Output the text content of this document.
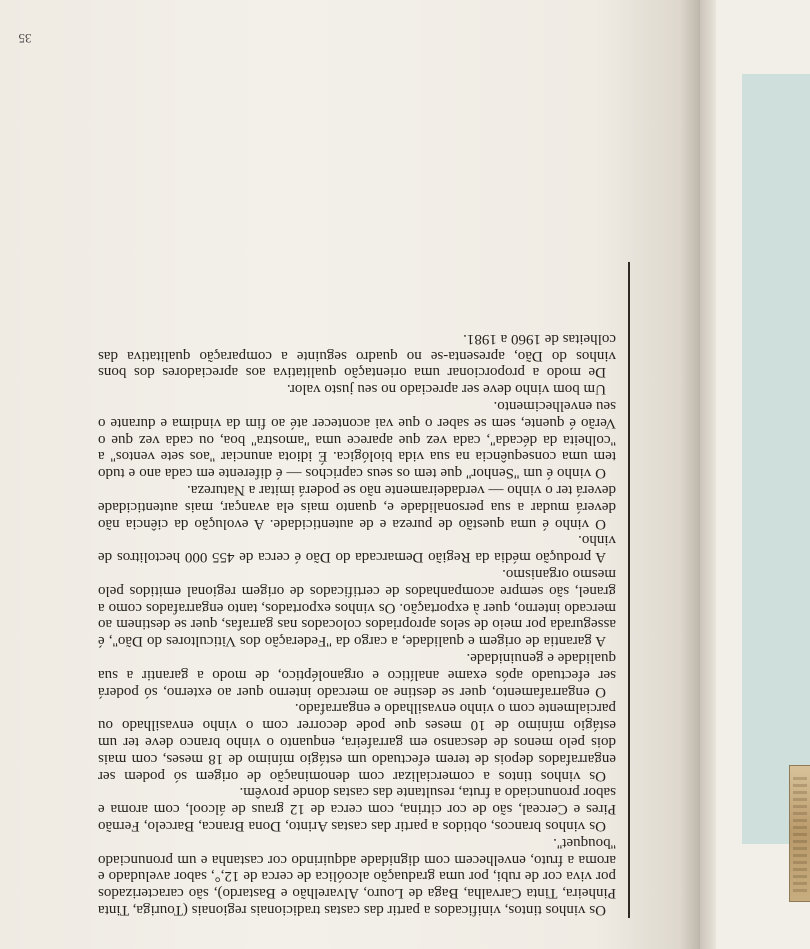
35

Os vinhos tintos, vinificados a partir das castas tradicionais regionais (Touriga, Tinta Pinheira, Tinta Carvalha, Baga de Louro, Alvarelhão e Bastardo), são caracterizados por viva cor de rubi, por uma graduação alcoólica de cerca de 12,°, sabor aveludado e aroma a fruto, envelhecem com dignidade adquirindo cor castanha e um pronunciado ''bouquet''.

Os vinhos brancos, obtidos a partir das castas Arinto, Dona Branca, Barcelo, Fernão Pires e Cerceal, são de cor citrina, com cerca de 12 graus de álcool, com aroma e sabor pronunciado a fruta, resultante das castas donde provêm.

Os vinhos tintos a comercializar com denominação de origem só podem ser engarrafados depois de terem efectuado um estágio mínimo de 18 meses, com mais dois pelo menos de descanso em garrafeira, enquanto o vinho branco deve ter um estágio mínimo de 10 meses que pode decorrer com o vinho envasilhado ou parcialmente com o vinho envasilhado e engarrafado.

O engarrafamento, quer se destine ao mercado interno quer ao externo, só poderá ser efectuado após exame analítico e organoléptico, de modo a garantir a sua qualidade e genuinidade.

A garantia de origem e qualidade, a cargo da ''Federação dos Viticultores do Dão'', é assegurada por meio de selos apropriados colocados nas garrafas, quer se destinem ao mercado interno, quer à exportação. Os vinhos exportados, tanto engarrafados como a granel, são sempre acompanhados de certificados de origem regional emitidos pelo mesmo organismo.

A produção média da Região Demarcada do Dão é cerca de 455 000 hectolitros de vinho.

O vinho é uma questão de pureza e de autenticidade. A evolução da ciência não deverá mudar a sua personalidade e, quanto mais ela avançar, mais autenticidade deverá ter o vinho — verdadeiramente não se poderá imitar a Natureza.

O vinho é um ''Senhor'' que tem os seus caprichos — é diferente em cada ano e tudo tem uma consequência na sua vida biológica. É idiota anunciar ''aos sete ventos'' a ''colheita da década'', cada vez que aparece uma ''amostra'' boa, ou cada vez que o Verão é quente, sem se saber o que vai acontecer até ao fim da vindima e durante o seu envelhecimento.

Um bom vinho deve ser apreciado no seu justo valor.

De modo a proporcionar uma orientação qualitativa aos apreciadores dos bons vinhos do Dão, apresenta-se no quadro seguinte a comparação qualitativa das colheitas de 1960 a 1981.
